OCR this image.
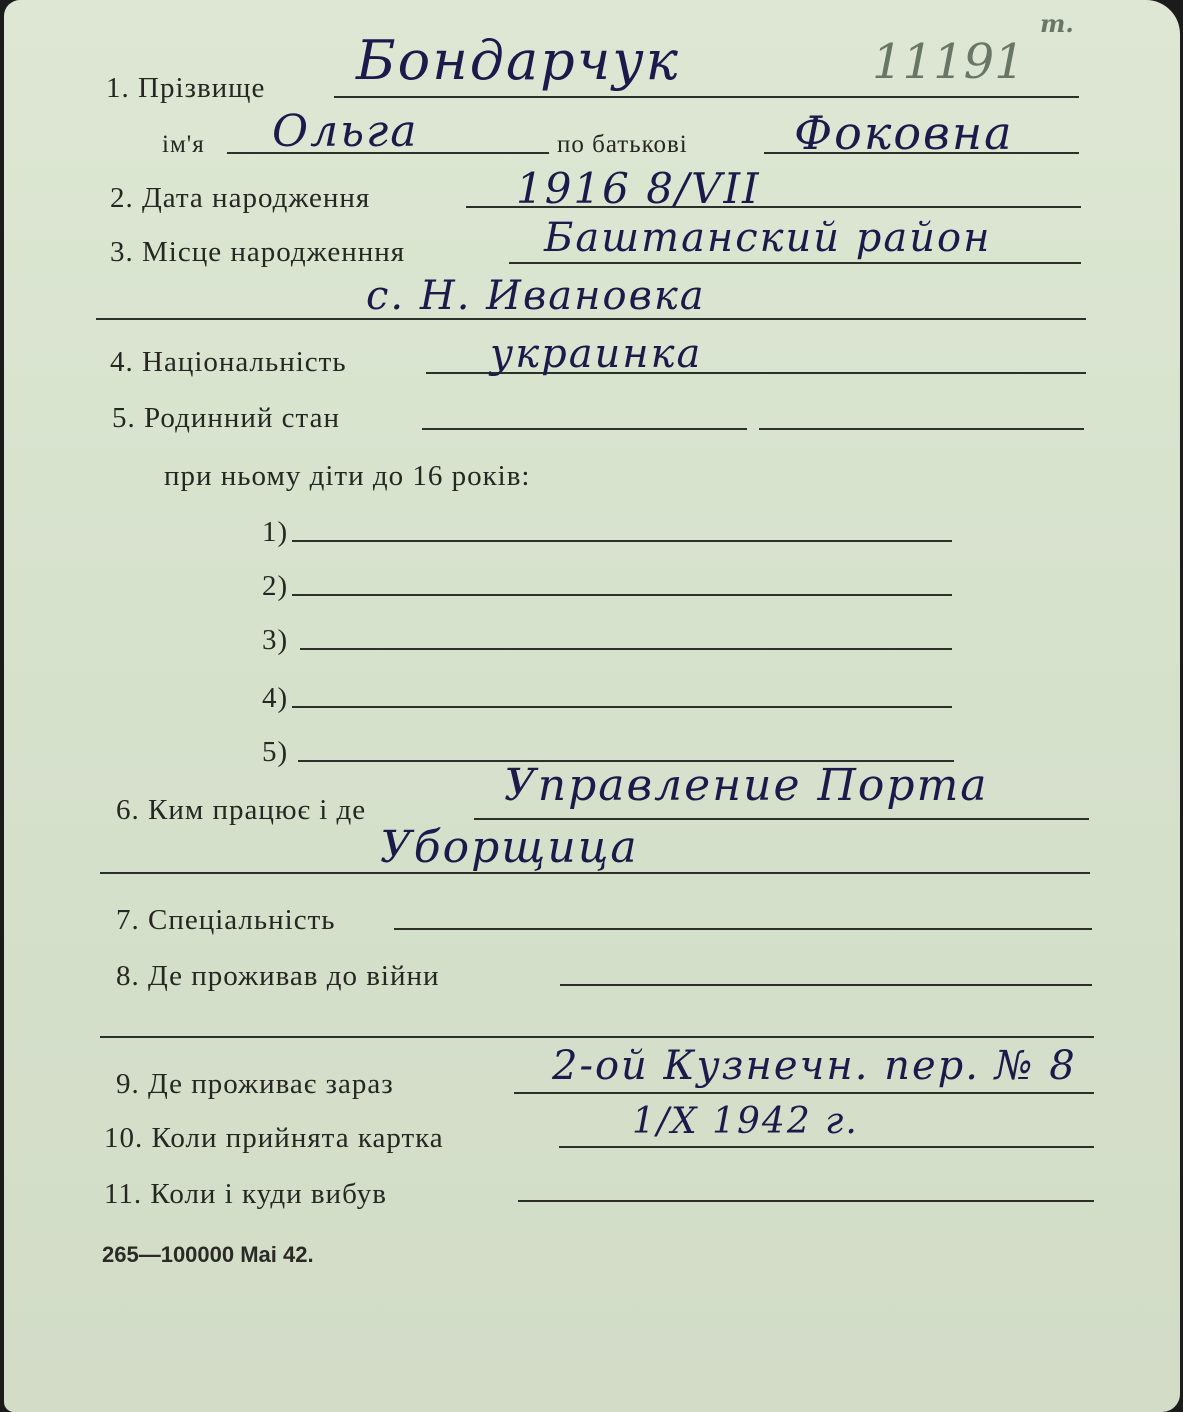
11191
m.
1. Прізвище Бондарчук
ім'я Ольга	по батькові Фоковна
2. Дата народження	1916 8/VII
3. Місце народженння	Баштанский район
с. Н. Ивановка
4. Національність	украинка
5. Родинний стан
при ньому діти до 16 років:
1)
2)
3)
4)
5)
6. Ким працює і де	Управление Порта
Уборщица
7. Спеціальність
8. Де проживав до війни
9. Де проживає зараз	2-ой Кузнечн. пер. № 8
10. Коли прийнята картка	1/X 1942 г.
11. Коли і куди вибув
265—100000 Mai 42.
